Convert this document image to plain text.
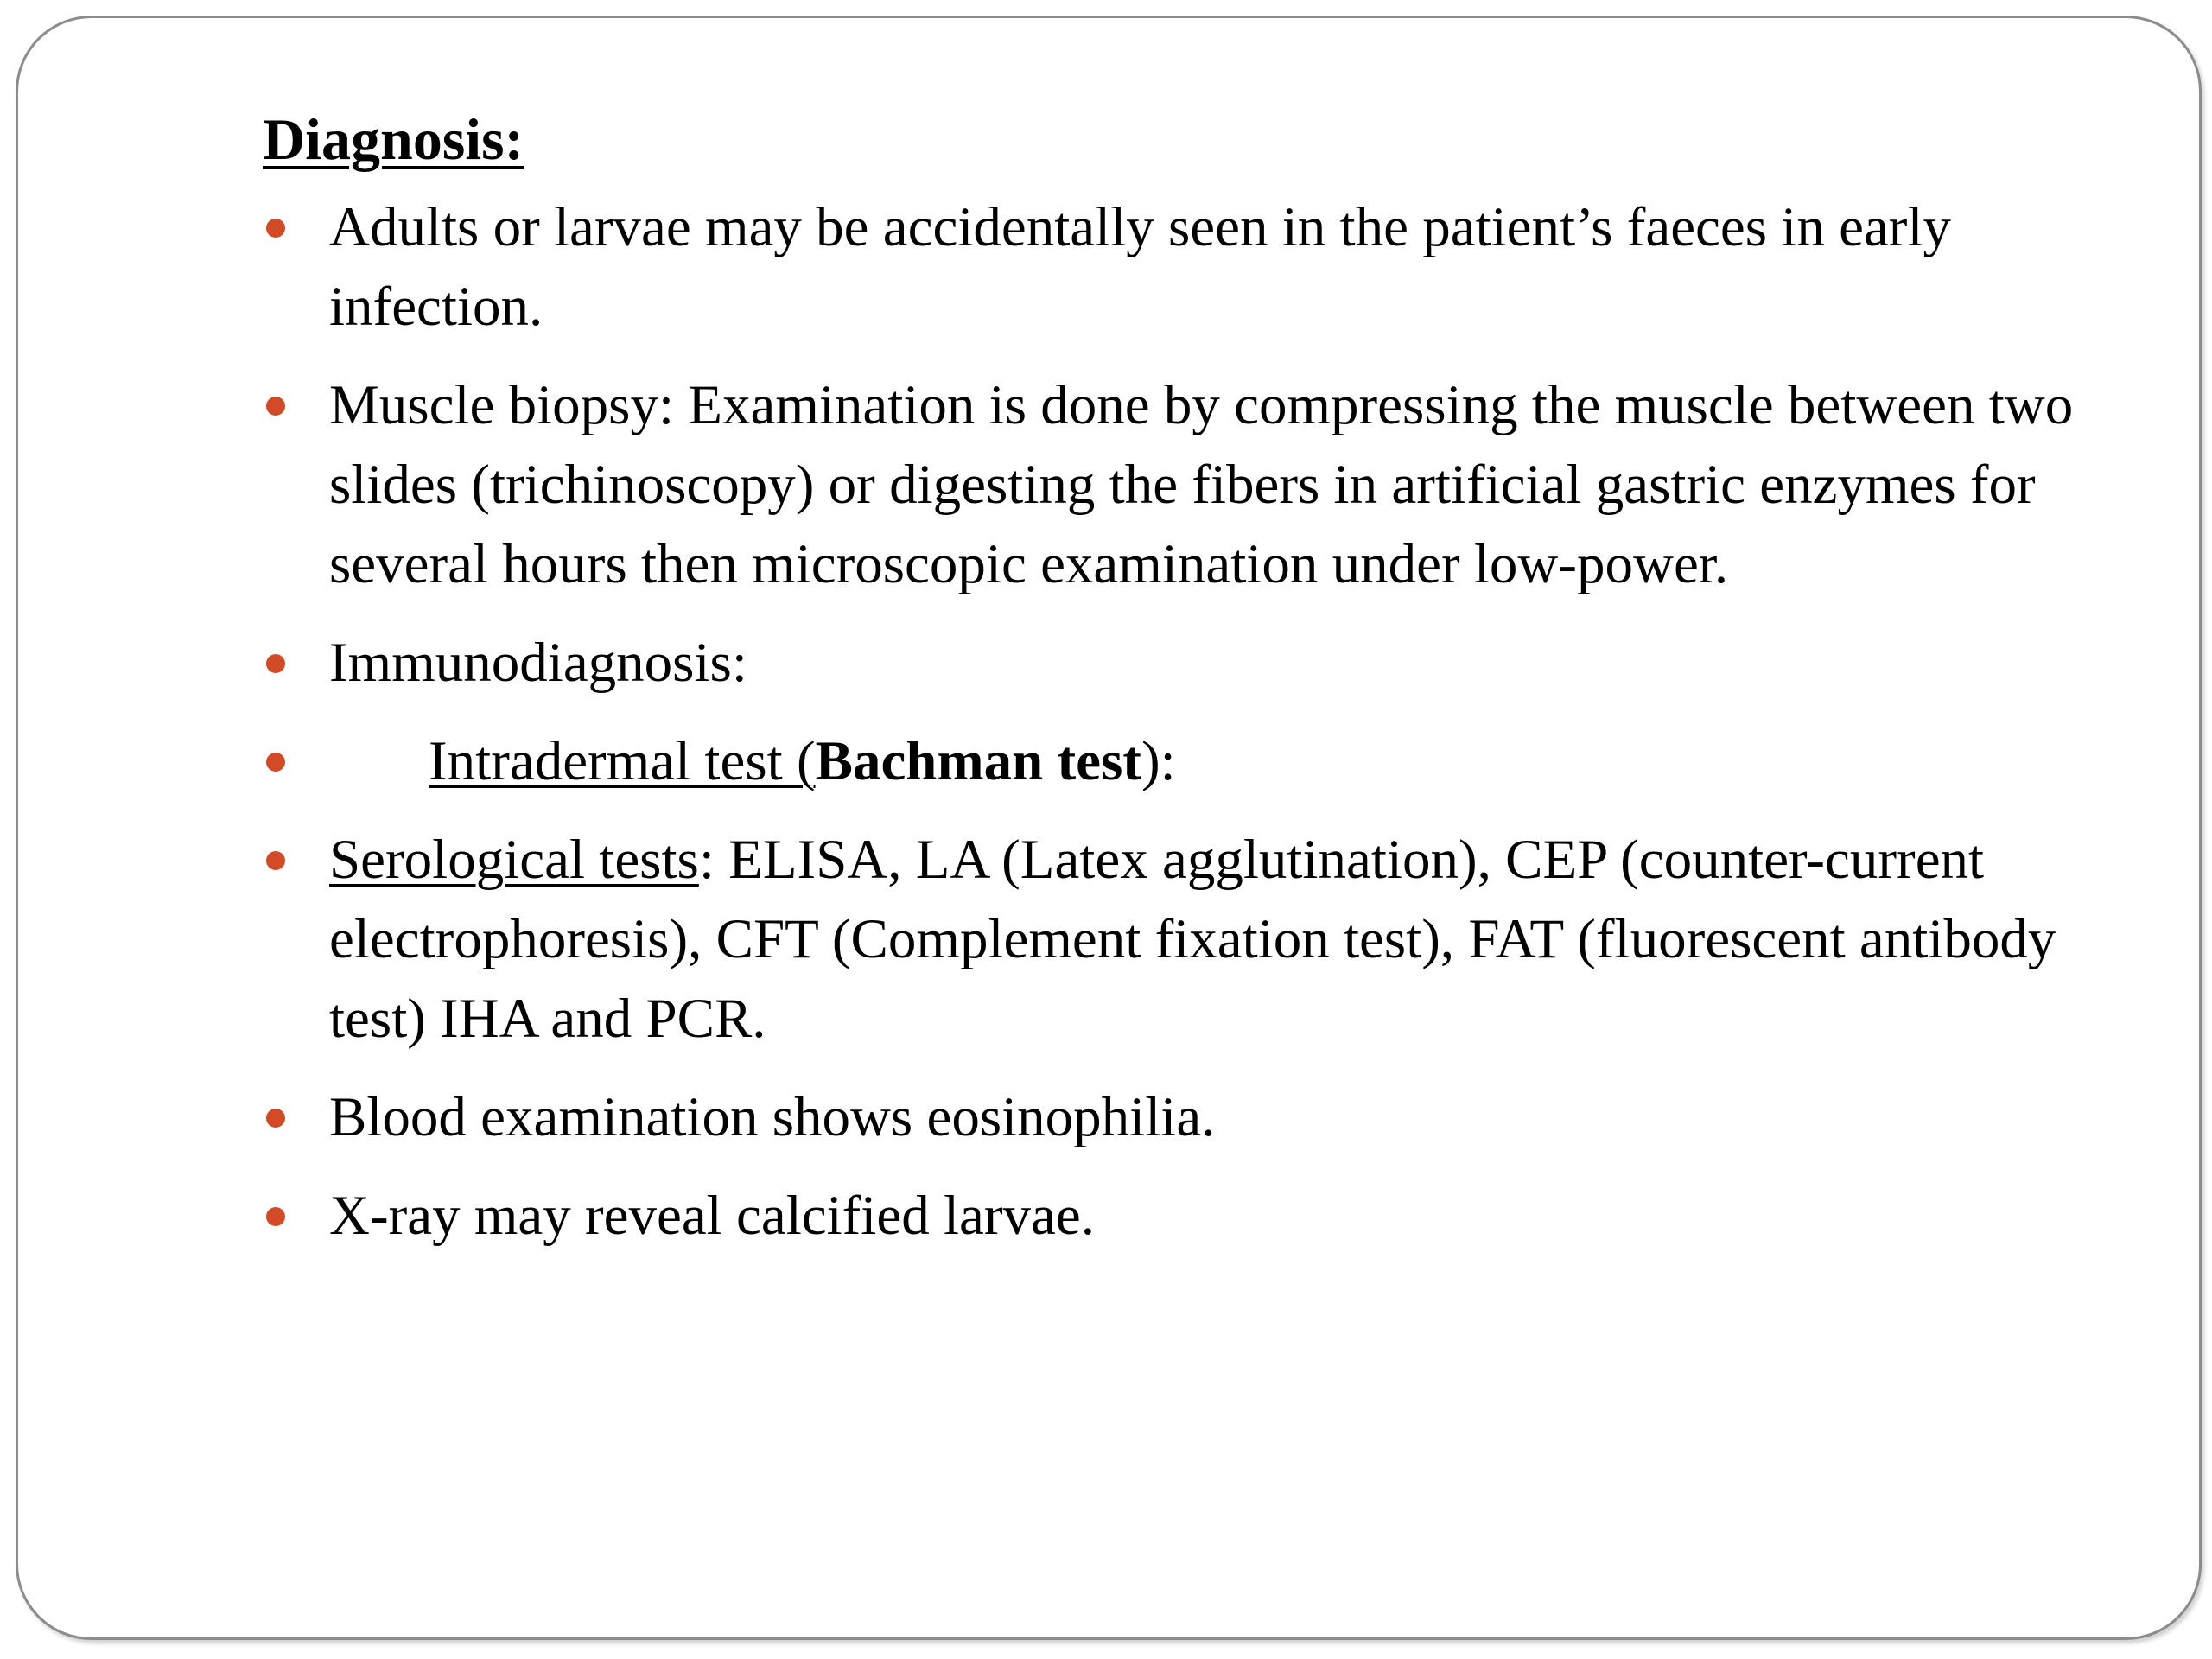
Diagnosis:
Adults or larvae may be accidentally seen in the patient’s faeces in early infection.
Muscle biopsy: Examination is done by compressing the muscle between two slides (trichinoscopy) or digesting the fibers in artificial gastric enzymes for several hours then microscopic examination under low-power.
Immunodiagnosis:
Intradermal test (Bachman test):
Serological tests: ELISA, LA (Latex agglutination), CEP (counter-current electrophoresis), CFT (Complement fixation test), FAT (fluorescent antibody test) IHA and PCR.
Blood examination shows eosinophilia.
X-ray may reveal calcified larvae.
